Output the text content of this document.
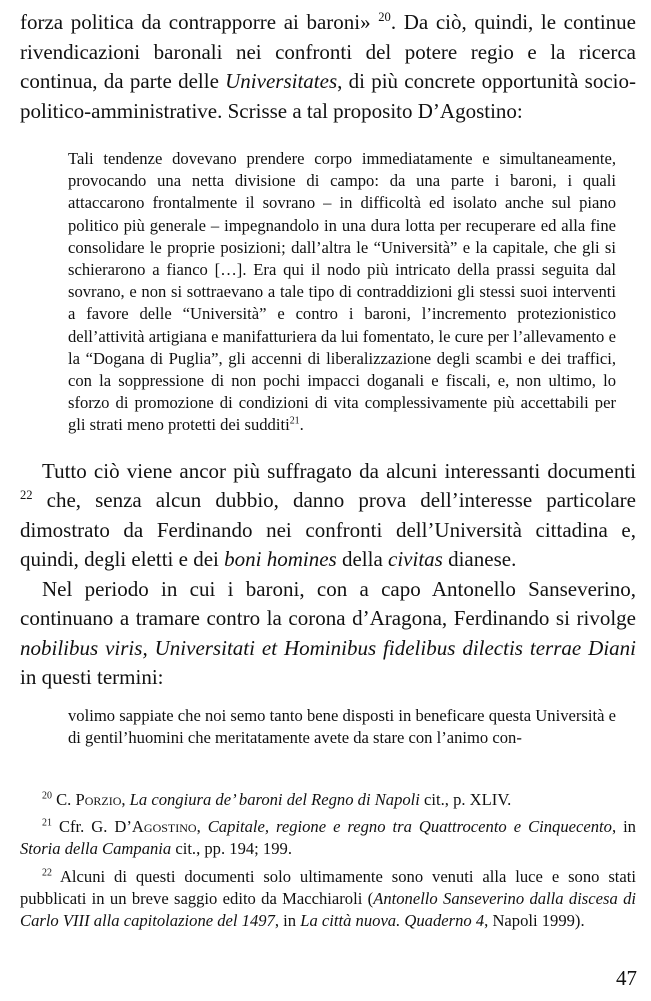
forza politica da contrapporre ai baroni» $^{20}$. Da ciò, quindi, le continue rivendicazioni baronali nei confronti del potere regio e la ricerca continua, da parte delle Universitates, di più concrete opportunità socio-politico-amministrative. Scrisse a tal proposito D’Agostino:

Tali tendenze dovevano prendere corpo immediatamente e simultaneamente, provocando una netta divisione di campo: da una parte i baroni, i quali attaccarono frontalmente il sovrano – in difficoltà ed isolato anche sul piano politico più generale – impegnandolo in una dura lotta per recuperare ed alla fine consolidare le proprie posizioni; dall’altra le “Università” e la capitale, che gli si schierarono a fianco […]. Era qui il nodo più intricato della prassi seguita dal sovrano, e non si sottraevano a tale tipo di contraddizioni gli stessi suoi interventi a favore delle “Università” e contro i baroni, l’incremento protezionistico dell’attività artigiana e manifatturiera da lui fomentato, le cure per l’allevamento e la “Dogana di Puglia”, gli accenni di liberalizzazione degli scambi e dei traffici, con la soppressione di non pochi impacci doganali e fiscali, e, non ultimo, lo sforzo di promozione di condizioni di vita complessivamente più accettabili per gli strati meno protetti dei sudditi$^{21}$.

Tutto ciò viene ancor più suffragato da alcuni interessanti documenti $^{22}$ che, senza alcun dubbio, danno prova dell’interesse particolare dimostrato da Ferdinando nei confronti dell’Università cittadina e, quindi, degli eletti e dei boni homines della civitas dianese.

Nel periodo in cui i baroni, con a capo Antonello Sanseverino, continuano a tramare contro la corona d’Aragona, Ferdinando si rivolge nobilibus viris, Universitati et Hominibus fidelibus dilectis terrae Diani in questi termini:

volimo sappiate che noi semo tanto bene disposti in beneficare questa Università e di gentil’huomini che meritatamente avete da stare con l’animo con-

$^{20}$ C. Porzio, La congiura de’ baroni del Regno di Napoli cit., p. XLIV.

$^{21}$ Cfr. G. D’Agostino, Capitale, regione e regno tra Quattrocento e Cinquecento, in Storia della Campania cit., pp. 194; 199.

$^{22}$ Alcuni di questi documenti solo ultimamente sono venuti alla luce e sono stati pubblicati in un breve saggio edito da Macchiaroli (Antonello Sanseverino dalla discesa di Carlo VIII alla capitolazione del 1497, in La città nuova. Quaderno 4, Napoli 1999).

47
